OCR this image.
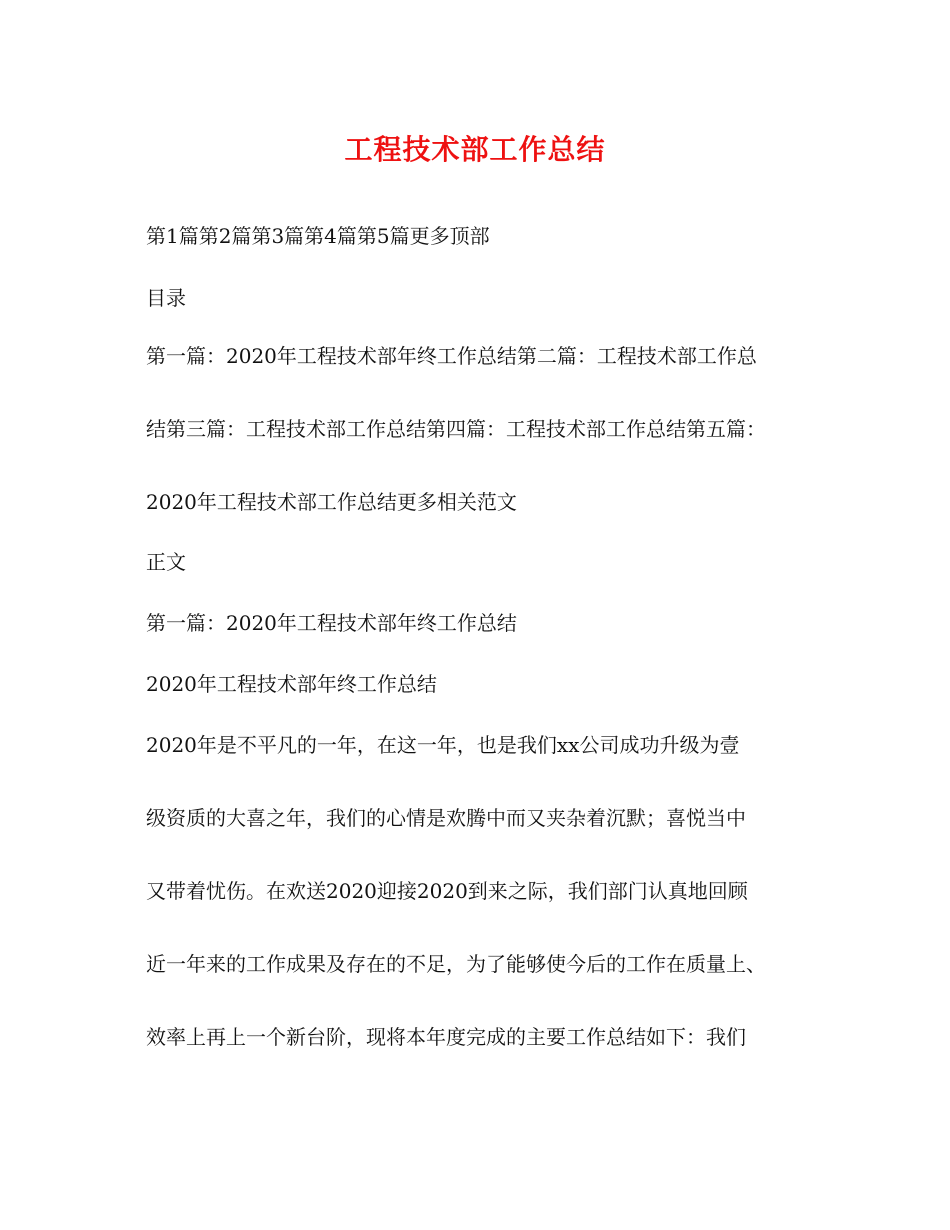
工程技术部工作总结
第1篇第2篇第3篇第4篇第5篇更多顶部
目录
第一篇：2020年工程技术部年终工作总结第二篇：工程技术部工作总
结第三篇：工程技术部工作总结第四篇：工程技术部工作总结第五篇：
2020年工程技术部工作总结更多相关范文
正文
第一篇：2020年工程技术部年终工作总结
2020年工程技术部年终工作总结
2020年是不平凡的一年，在这一年，也是我们xx公司成功升级为壹
级资质的大喜之年，我们的心情是欢腾中而又夹杂着沉默；喜悦当中
又带着忧伤。在欢送2020迎接2020到来之际，我们部门认真地回顾
近一年来的工作成果及存在的不足，为了能够使今后的工作在质量上、
效率上再上一个新台阶，现将本年度完成的主要工作总结如下：我们
